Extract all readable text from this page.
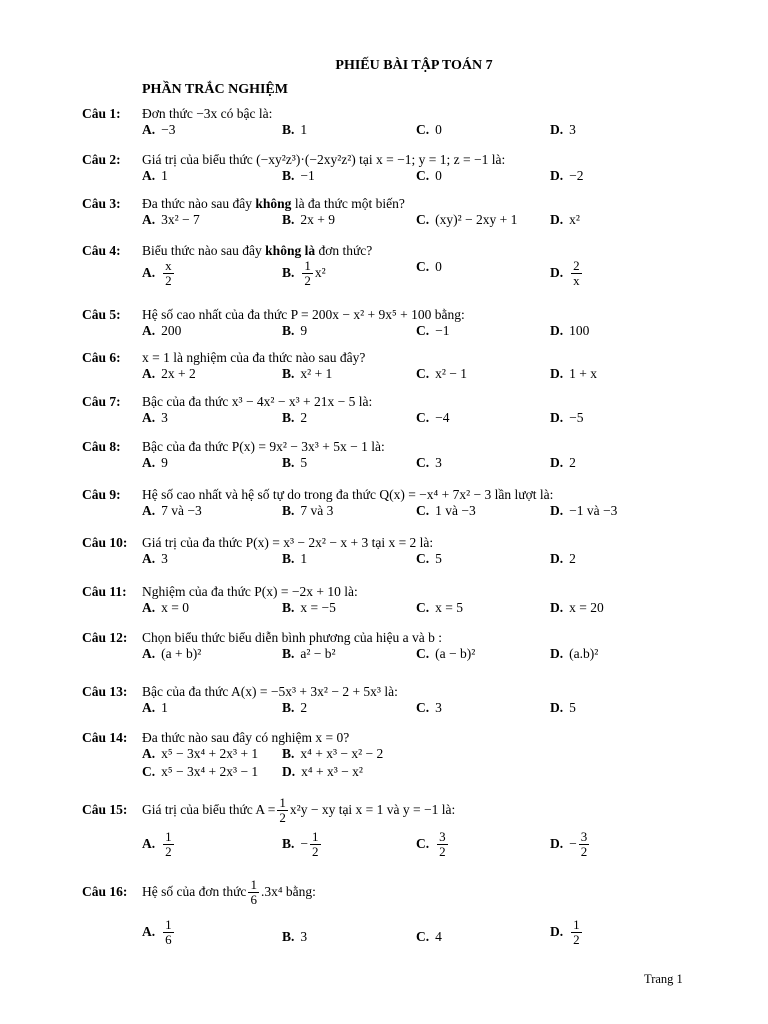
PHIẾU BÀI TẬP TOÁN 7
PHẦN TRẮC NGHIỆM
Câu 1:	Đơn thức −3x có bậc là:
A. −3	B. 1	C. 0	D. 3
Câu 2:	Giá trị của biểu thức (−xy²z³)·(−2xy²z²) tại x = −1; y = 1; z = −1 là:
A. 1	B. −1	C. 0	D. −2
Câu 3:	Đa thức nào sau đây không là đa thức một biến?
A. 3x² − 7	B. 2x + 9	C. (xy)² − 2xy + 1 D. x²
Câu 4:	Biểu thức nào sau đây không là đơn thức?
A. $\frac{x}{2}$	B. $\frac{1}{2} x^2$	C. 0	D. $\frac{2}{x}$
Câu 5:	Hệ số cao nhất của đa thức P = 200x − x² + 9x⁵ + 100 bằng:
A. 200	B. 9	C. −1	D. 100
Câu 6:	x = 1 là nghiệm của đa thức nào sau đây?
A. 2x + 2	B. x² + 1	C. x² − 1	D. 1 + x
Câu 7:	Bậc của đa thức x³ − 4x² − x³ + 21x − 5 là:
A. 3	B. 2	C. −4	D. −5
Câu 8:	Bậc của đa thức P(x) = 9x² − 3x³ + 5x − 1 là:
A. 9	B. 5	C. 3	D. 2
Câu 9:	Hệ số cao nhất và hệ số tự do trong đa thức Q(x) = −x⁴ + 7x² − 3 lần lượt là:
A. 7 và −3	B. 7 và 3	C. 1 và −3	D. −1 và −3
Câu 10:	Giá trị của đa thức P(x) = x³ − 2x² − x + 3 tại x = 2 là:
A. 3	B. 1	C. 5	D. 2
Câu 11:	Nghiệm của đa thức P(x) = −2x + 10 là:
A. x = 0	B. x = −5	C. x = 5	D. x = 20
Câu 12:	Chọn biểu thức biểu diễn bình phương của hiệu a và b :
A. (a + b)²	B. a² − b²	C. (a − b)²	D. (a.b)²
Câu 13:	Bậc của đa thức A(x) = −5x³ + 3x² − 2 + 5x³ là:
A. 1	B. 2	C. 3	D. 5
Câu 14:	Đa thức nào sau đây có nghiệm x = 0?
A. x⁵ − 3x⁴ + 2x³ + 1 B. x⁴ + x³ − x² − 2
C. x⁵ − 3x⁴ + 2x³ − 1 D. x⁴ + x³ − x²
Câu 15:	Giá trị của biểu thức $A = \frac{1}{2} x^2y$ − xy tại x = 1 và y = −1 là:
A. $\frac{1}{2}$	B. − $\frac{1}{2}$	C. $\frac{3}{2}$	D. − $\frac{3}{2}$
Câu 16:	Hệ số của đơn thức $\frac{1}{6} .3x^4$ bằng:
A. $\frac{1}{6}$	B. 3	C. 4	D. $\frac{1}{2}$
Trang 1
